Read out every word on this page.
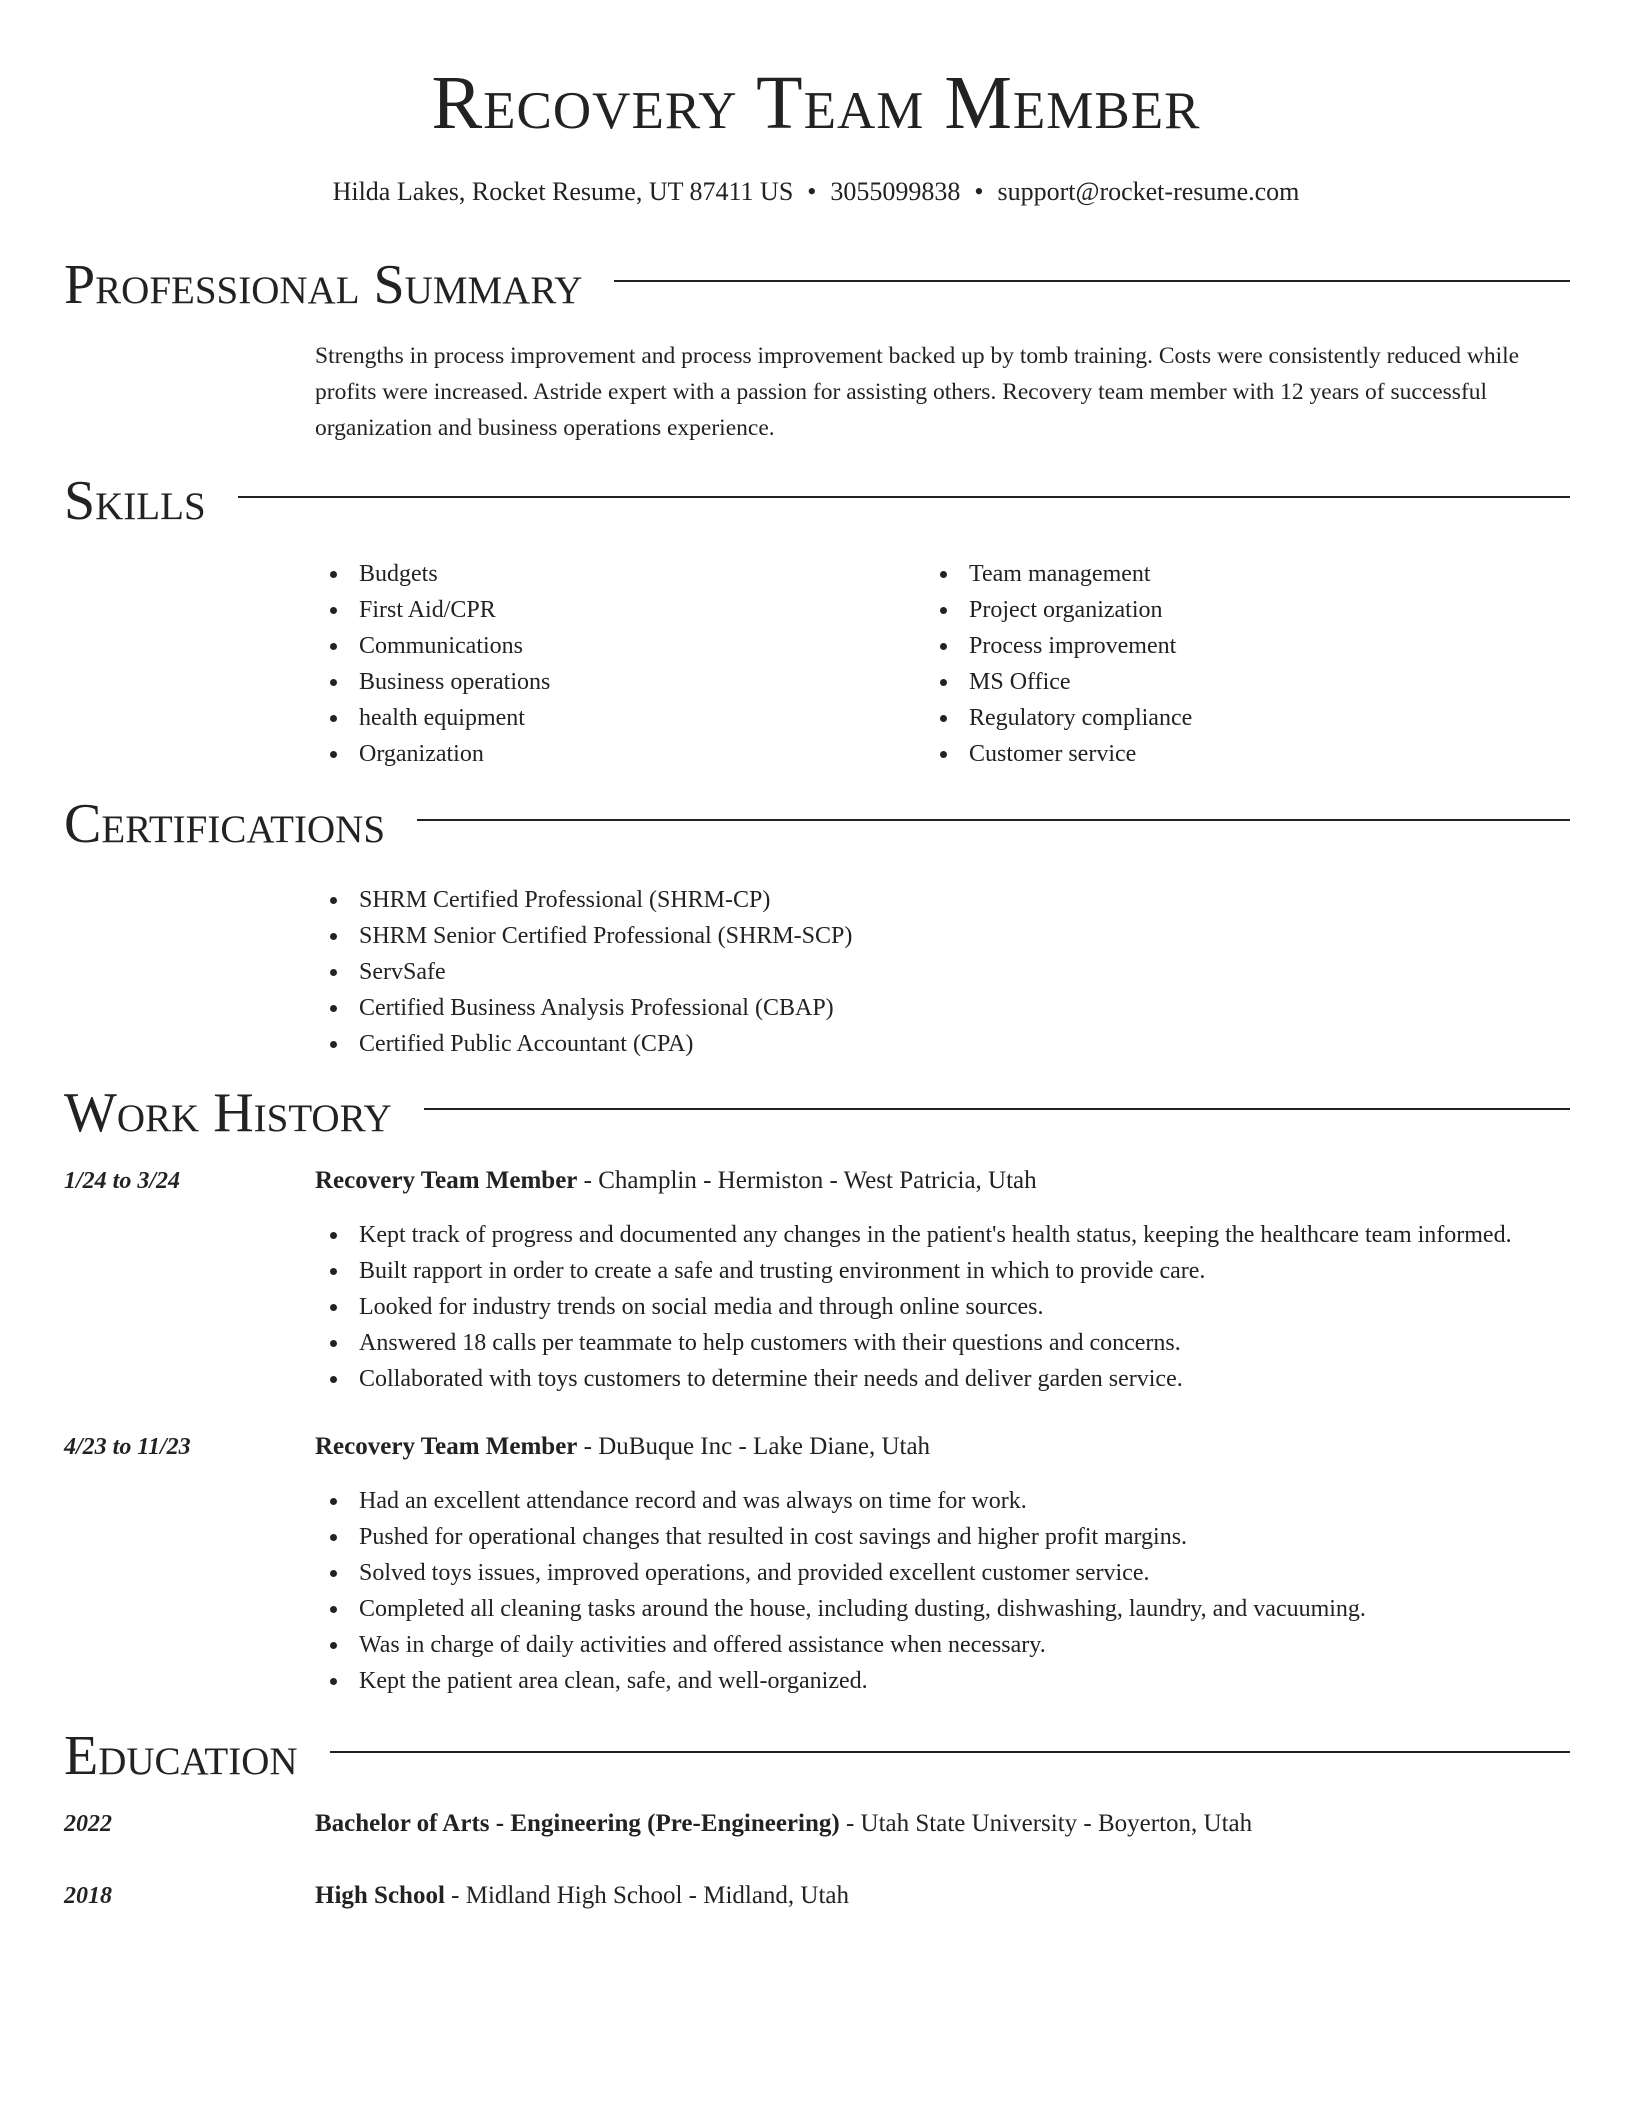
Recovery Team Member
Hilda Lakes, Rocket Resume, UT 87411 US • 3055099838 • support@rocket-resume.com
Professional Summary
Strengths in process improvement and process improvement backed up by tomb training. Costs were consistently reduced while profits were increased. Astride expert with a passion for assisting others. Recovery team member with 12 years of successful organization and business operations experience.
Skills
Budgets
First Aid/CPR
Communications
Business operations
health equipment
Organization
Team management
Project organization
Process improvement
MS Office
Regulatory compliance
Customer service
Certifications
SHRM Certified Professional (SHRM-CP)
SHRM Senior Certified Professional (SHRM-SCP)
ServSafe
Certified Business Analysis Professional (CBAP)
Certified Public Accountant (CPA)
Work History
1/24 to 3/24	Recovery Team Member - Champlin - Hermiston - West Patricia, Utah
Kept track of progress and documented any changes in the patient's health status, keeping the healthcare team informed.
Built rapport in order to create a safe and trusting environment in which to provide care.
Looked for industry trends on social media and through online sources.
Answered 18 calls per teammate to help customers with their questions and concerns.
Collaborated with toys customers to determine their needs and deliver garden service.
4/23 to 11/23	Recovery Team Member - DuBuque Inc - Lake Diane, Utah
Had an excellent attendance record and was always on time for work.
Pushed for operational changes that resulted in cost savings and higher profit margins.
Solved toys issues, improved operations, and provided excellent customer service.
Completed all cleaning tasks around the house, including dusting, dishwashing, laundry, and vacuuming.
Was in charge of daily activities and offered assistance when necessary.
Kept the patient area clean, safe, and well-organized.
Education
2022	Bachelor of Arts - Engineering (Pre-Engineering) - Utah State University - Boyerton, Utah
2018	High School - Midland High School - Midland, Utah
